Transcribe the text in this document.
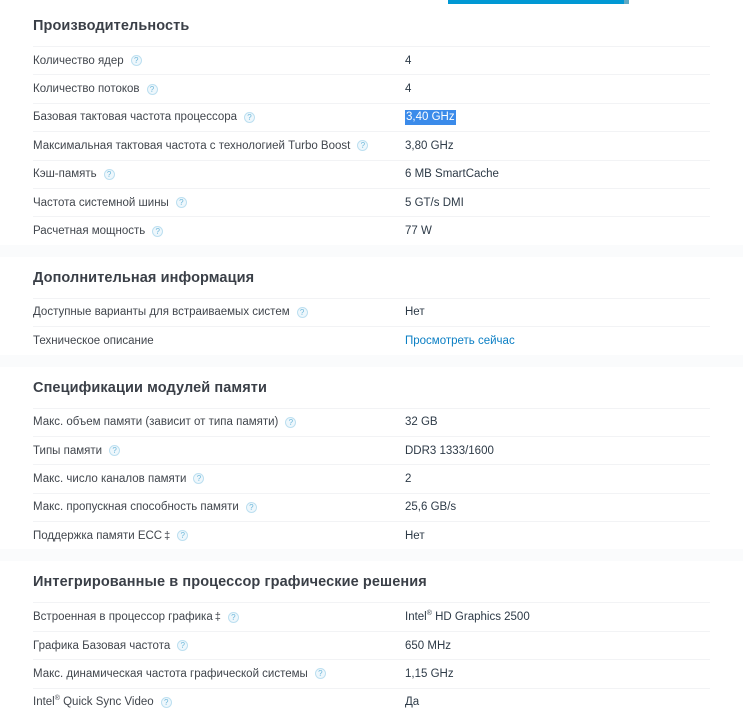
Производительность
Количество ядер	?	4
Количество потоков	?	4
Базовая тактовая частота процессора	?	3,40 GHz
Максимальная тактовая частота с технологией Turbo Boost	?	3,80 GHz
Кэш-память	?	6 MB SmartCache
Частота системной шины	?	5 GT/s DMI
Расчетная мощность	?	77 W
Дополнительная информация
Доступные варианты для встраиваемых систем	?	Нет
Техническое описание	Просмотреть сейчас
Спецификации модулей памяти
Макс. объем памяти (зависит от типа памяти)	?	32 GB
Типы памяти	?	DDR3 1333/1600
Макс. число каналов памяти	?	2
Макс. пропускная способность памяти	?	25,6 GB/s
Поддержка памяти ECC ‡	?	Нет
Интегрированные в процессор графические решения
Встроенная в процессор графика ‡	?	Intel® HD Graphics 2500
Графика Базовая частота	?	650 MHz
Макс. динамическая частота графической системы	?	1,15 GHz
Intel® Quick Sync Video	?	Да
